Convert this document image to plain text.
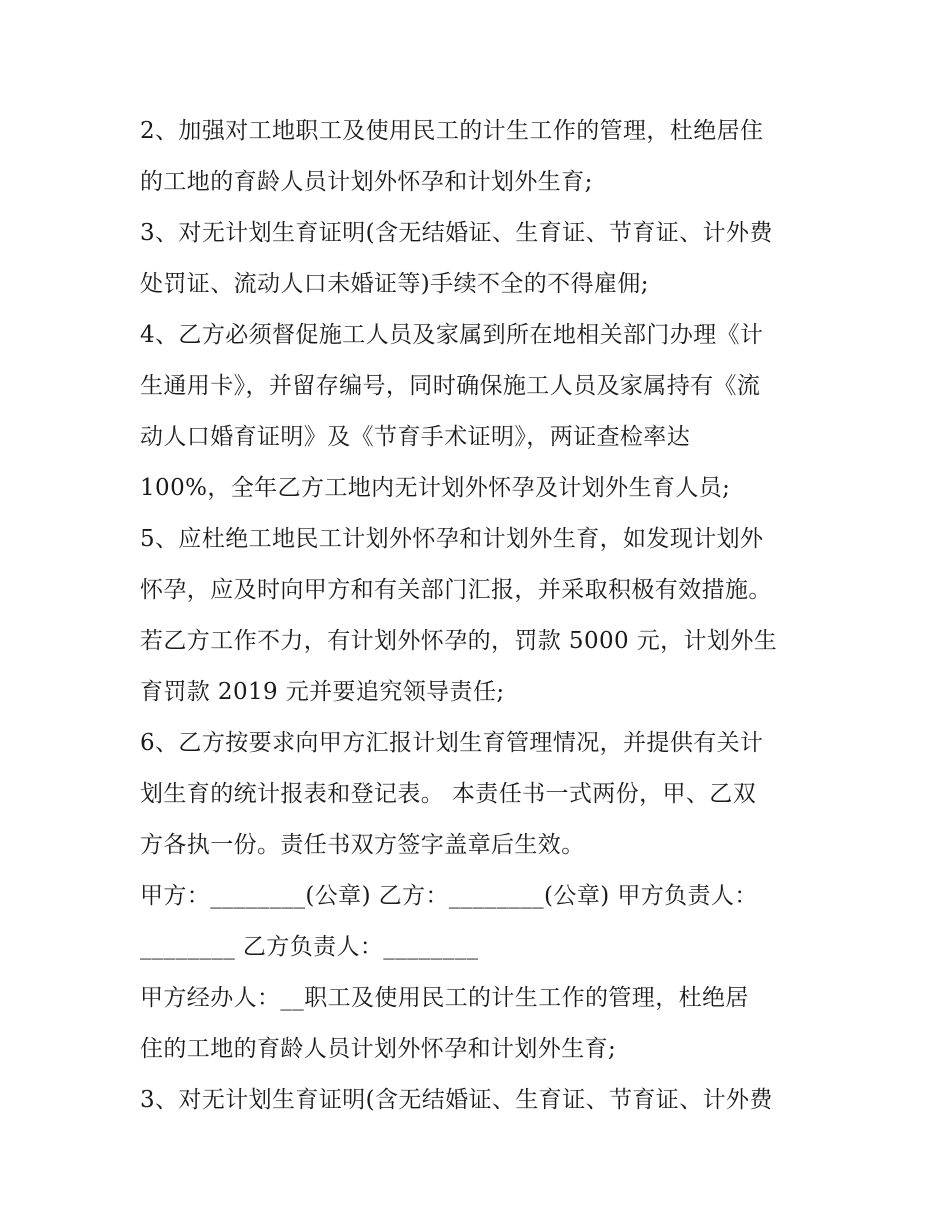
2、加强对工地职工及使用民工的计生工作的管理，杜绝居住
的工地的育龄人员计划外怀孕和计划外生育;
3、对无计划生育证明(含无结婚证、生育证、节育证、计外费
处罚证、流动人口未婚证等)手续不全的不得雇佣;
4、乙方必须督促施工人员及家属到所在地相关部门办理《计
生通用卡》，并留存编号，同时确保施工人员及家属持有《流
动人口婚育证明》及《节育手术证明》，两证查检率达
100%，全年乙方工地内无计划外怀孕及计划外生育人员;
5、应杜绝工地民工计划外怀孕和计划外生育，如发现计划外
怀孕，应及时向甲方和有关部门汇报，并采取积极有效措施。
若乙方工作不力，有计划外怀孕的，罚款 5000 元，计划外生
育罚款 2019 元并要追究领导责任;
6、乙方按要求向甲方汇报计划生育管理情况，并提供有关计
划生育的统计报表和登记表。 本责任书一式两份，甲、乙双
方各执一份。责任书双方签字盖章后生效。
甲方：________(公章) 乙方：________(公章) 甲方负责人：
________ 乙方负责人：________
甲方经办人：__职工及使用民工的计生工作的管理，杜绝居
住的工地的育龄人员计划外怀孕和计划外生育;
3、对无计划生育证明(含无结婚证、生育证、节育证、计外费
